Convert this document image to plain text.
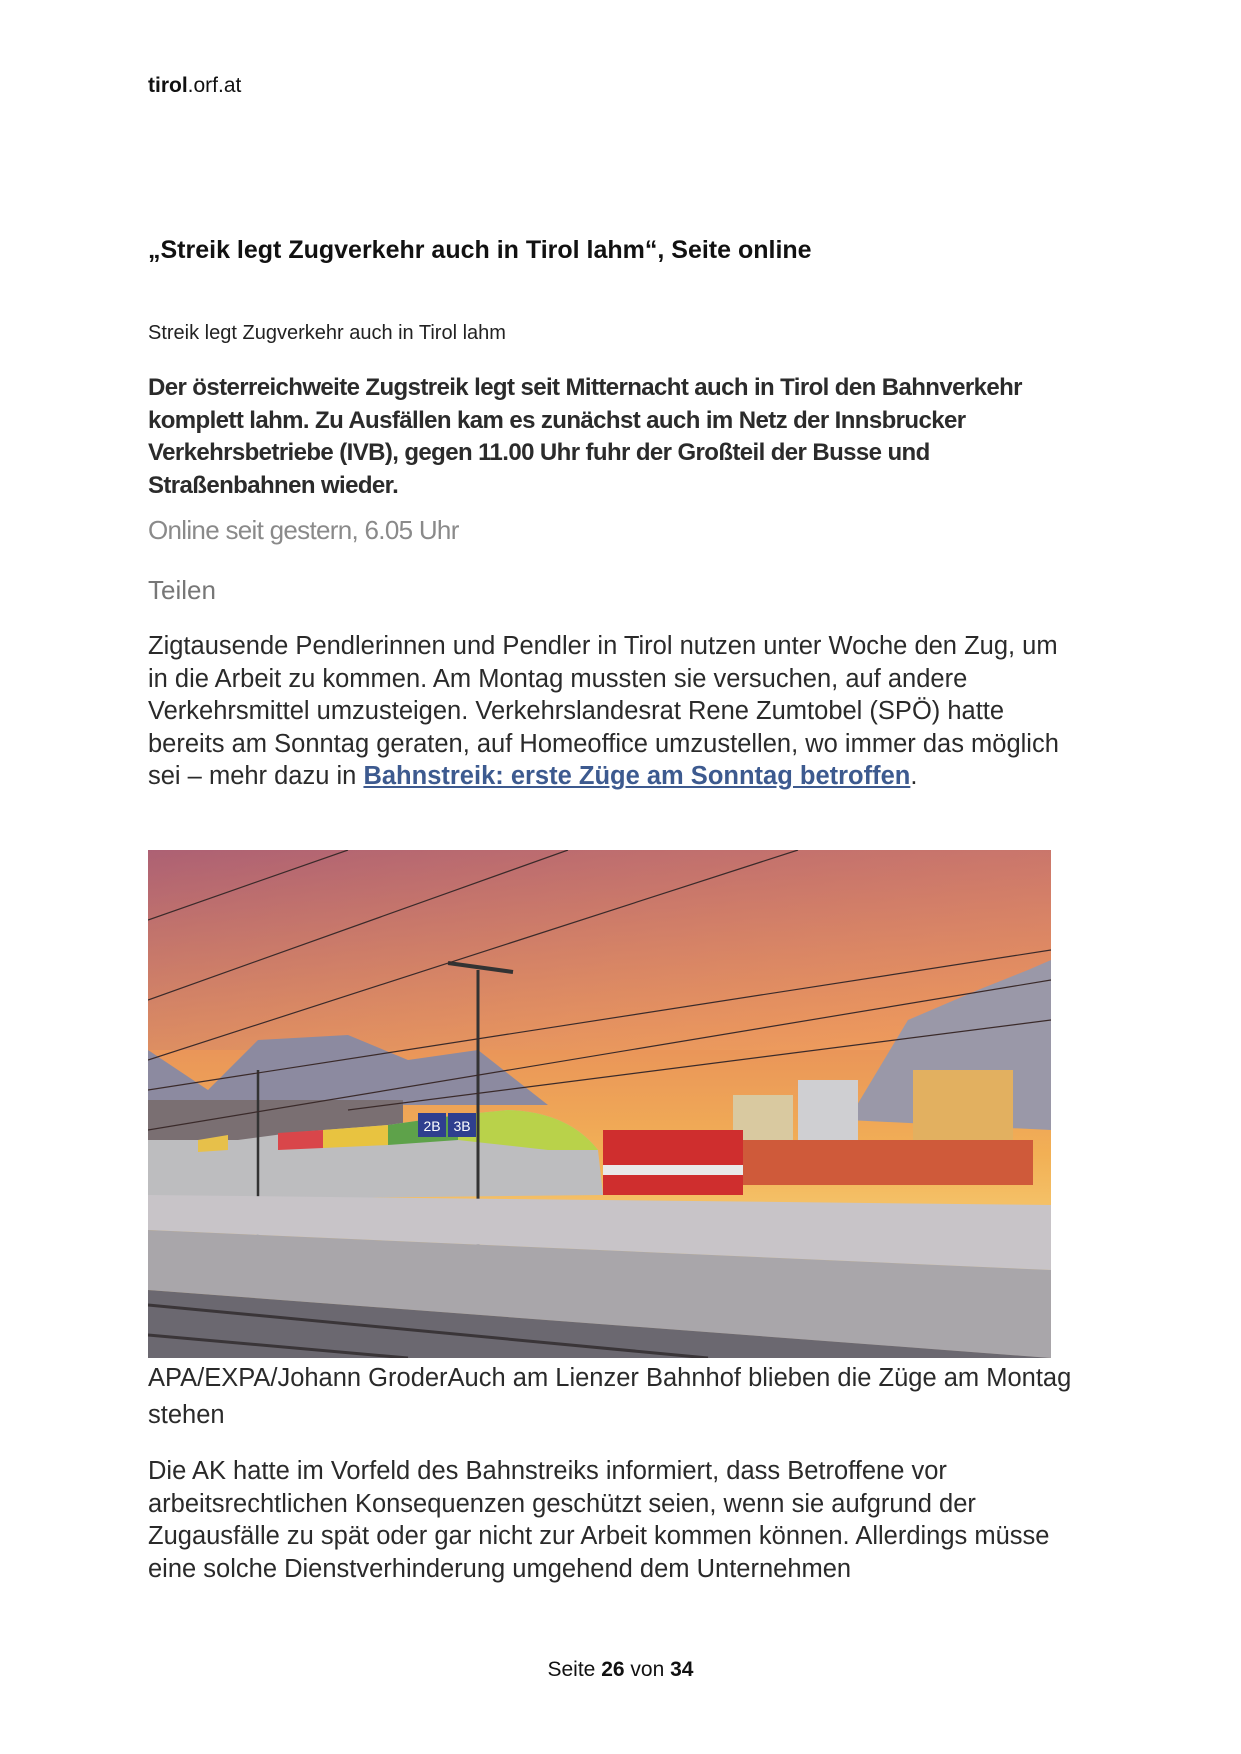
tirol.orf.at
„Streik legt Zugverkehr auch in Tirol lahm“, Seite online
Streik legt Zugverkehr auch in Tirol lahm
Der österreichweite Zugstreik legt seit Mitternacht auch in Tirol den Bahnverkehr komplett lahm. Zu Ausfällen kam es zunächst auch im Netz der Innsbrucker Verkehrsbetriebe (IVB), gegen 11.00 Uhr fuhr der Großteil der Busse und Straßenbahnen wieder.
Online seit gestern, 6.05 Uhr
Teilen
Zigtausende Pendlerinnen und Pendler in Tirol nutzen unter Woche den Zug, um in die Arbeit zu kommen. Am Montag mussten sie versuchen, auf andere Verkehrsmittel umzusteigen. Verkehrslandesrat Rene Zumtobel (SPÖ) hatte bereits am Sonntag geraten, auf Homeoffice umzustellen, wo immer das möglich sei – mehr dazu in Bahnstreik: erste Züge am Sonntag betroffen.
2B 3B
APA/EXPA/Johann GroderAuch am Lienzer Bahnhof blieben die Züge am Montag stehen
Die AK hatte im Vorfeld des Bahnstreiks informiert, dass Betroffene vor arbeitsrechtlichen Konsequenzen geschützt seien, wenn sie aufgrund der Zugausfälle zu spät oder gar nicht zur Arbeit kommen können. Allerdings müsse eine solche Dienstverhinderung umgehend dem Unternehmen
Seite 26 von 34
